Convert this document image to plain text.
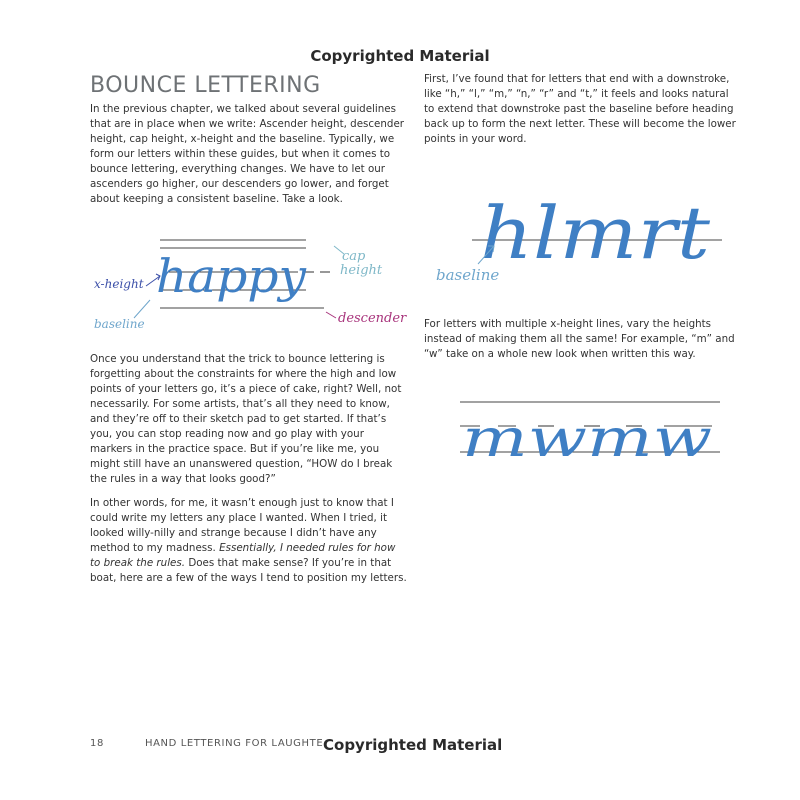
Copyrighted Material
BOUNCE LETTERING

In the previous chapter, we talked about several guidelines that are in place when we write: Ascender height, descender height, cap height, x-height and the baseline. Typically, we form our letters within these guides, but when it comes to bounce lettering, everything changes. We have to let our ascenders go higher, our descenders go lower, and forget about keeping a consistent baseline. Take a look.

happy
x-height
baseline
cap
height
descender

Once you understand that the trick to bounce lettering is forgetting about the constraints for where the high and low points of your letters go, it’s a piece of cake, right? Well, not necessarily. For some artists, that’s all they need to know, and they’re off to their sketch pad to get started. If that’s you, you can stop reading now and go play with your markers in the practice space. But if you’re like me, you might still have an unanswered question, “HOW do I break the rules in a way that looks good?”

In other words, for me, it wasn’t enough just to know that I could write my letters any place I wanted. When I tried, it looked willy-nilly and strange because I didn’t have any method to my madness. Essentially, I needed rules for how to break the rules. Does that make sense? If you’re in that boat, here are a few of the ways I tend to position my letters.

First, I’ve found that for letters that end with a downstroke, like “h,” “l,” “m,” “n,” “r” and “t,” it feels and looks natural to extend that downstroke past the baseline before heading back up to form the next letter. These will become the lower points in your word.

hlmrt
baseline

For letters with multiple x-height lines, vary the heights instead of making them all the same! For example, “m” and “w” take on a whole new look when written this way.

mwmw
18	HAND LETTERING FOR LAUGHTE Copyrighted Material
